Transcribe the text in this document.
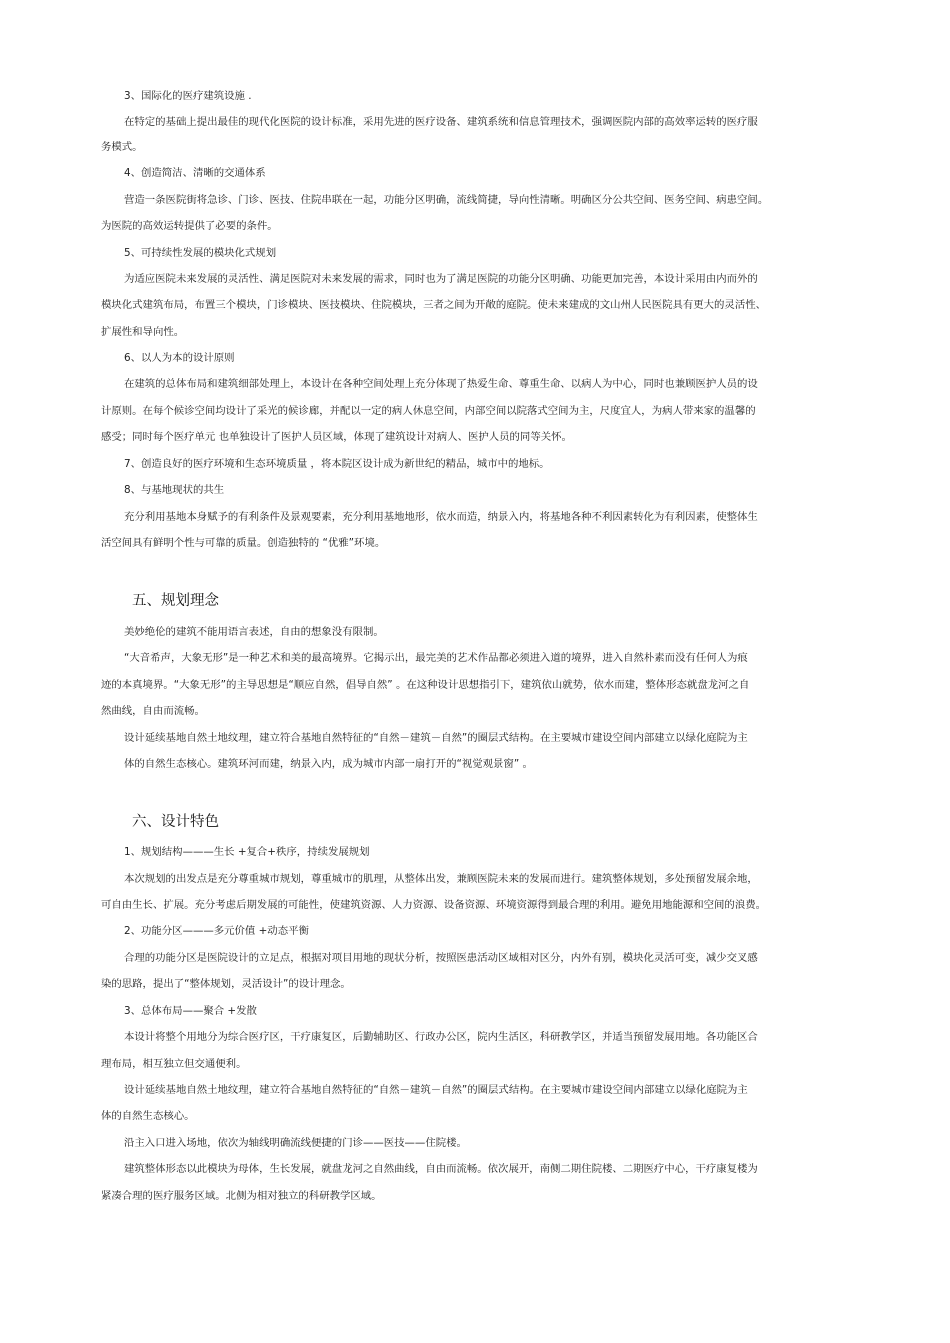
3、国际化的医疗建筑设施 .
在特定的基础上提出最佳的现代化医院的设计标准，采用先进的医疗设备、建筑系统和信息管理技术，强调医院内部的高效率运转的医疗服
务模式。
4、创造简洁、清晰的交通体系
营造一条医院街将急诊、门诊、医技、住院串联在一起，功能分区明确，流线简捷，导向性清晰。明确区分公共空间、医务空间、病患空间。
为医院的高效运转提供了必要的条件。
5、可持续性发展的模块化式规划
为适应医院未来发展的灵活性、满足医院对未来发展的需求，同时也为了满足医院的功能分区明确、功能更加完善，本设计采用由内而外的
模块化式建筑布局，布置三个模块，门诊模块、医技模块、住院模块，三者之间为开敞的庭院。使未来建成的文山州人民医院具有更大的灵活性、
扩展性和导向性。
6、以人为本的设计原则
在建筑的总体布局和建筑细部处理上，本设计在各种空间处理上充分体现了热爱生命、尊重生命、以病人为中心，同时也兼顾医护人员的设
计原则。在每个候诊空间均设计了采光的候诊廊，并配以一定的病人休息空间，内部空间以院落式空间为主，尺度宜人，为病人带来家的温馨的
感受；同时每个医疗单元 也单独设计了医护人员区域，体现了建筑设计对病人、医护人员的同等关怀。
7、创造良好的医疗环境和生态环境质量 ，将本院区设计成为新世纪的精品，城市中的地标。
8、与基地现状的共生
充分利用基地本身赋予的有利条件及景观要素，充分利用基地地形，依水而造，纳景入内，将基地各种不利因素转化为有利因素，使整体生
活空间具有鲜明个性与可靠的质量。创造独特的 “优雅”环境。
五、规划理念
美妙绝伦的建筑不能用语言表述，自由的想象没有限制。
“大音希声，大象无形”是一种艺术和美的最高境界。它揭示出，最完美的艺术作品都必须进入道的境界，进入自然朴素而没有任何人为痕
迹的本真境界。“大象无形”的主导思想是“顺应自然，倡导自然” 。在这种设计思想指引下，建筑依山就势，依水而建，整体形态就盘龙河之自
然曲线，自由而流畅。
设计延续基地自然土地纹理，建立符合基地自然特征的“自然－建筑－自然”的圈层式结构。在主要城市建设空间内部建立以绿化庭院为主
体的自然生态核心。建筑环河而建，纳景入内，成为城市内部一扇打开的“视觉观景窗” 。
六、设计特色
1、规划结构———生长 +复合+秩序，持续发展规划
本次规划的出发点是充分尊重城市规划，尊重城市的肌理，从整体出发，兼顾医院未来的发展而进行。建筑整体规划，多处预留发展余地，
可自由生长、扩展。充分考虑后期发展的可能性，使建筑资源、人力资源、设备资源、环境资源得到最合理的利用。避免用地能源和空间的浪费。
2、功能分区———多元价值 +动态平衡
合理的功能分区是医院设计的立足点，根据对项目用地的现状分析，按照医患活动区域相对区分，内外有别，模块化灵活可变，减少交叉感
染的思路，提出了“整体规划，灵活设计”的设计理念。
3、总体布局——聚合 +发散
本设计将整个用地分为综合医疗区，干疗康复区，后勤辅助区、行政办公区，院内生活区，科研教学区，并适当预留发展用地。各功能区合
理布局，相互独立但交通便利。
设计延续基地自然土地纹理，建立符合基地自然特征的“自然－建筑－自然”的圈层式结构。在主要城市建设空间内部建立以绿化庭院为主
体的自然生态核心。
沿主入口进入场地，依次为轴线明确流线便捷的门诊——医技——住院楼。
建筑整体形态以此模块为母体，生长发展，就盘龙河之自然曲线，自由而流畅。依次展开，南侧二期住院楼、二期医疗中心，干疗康复楼为
紧凑合理的医疗服务区域。北侧为相对独立的科研教学区域。
